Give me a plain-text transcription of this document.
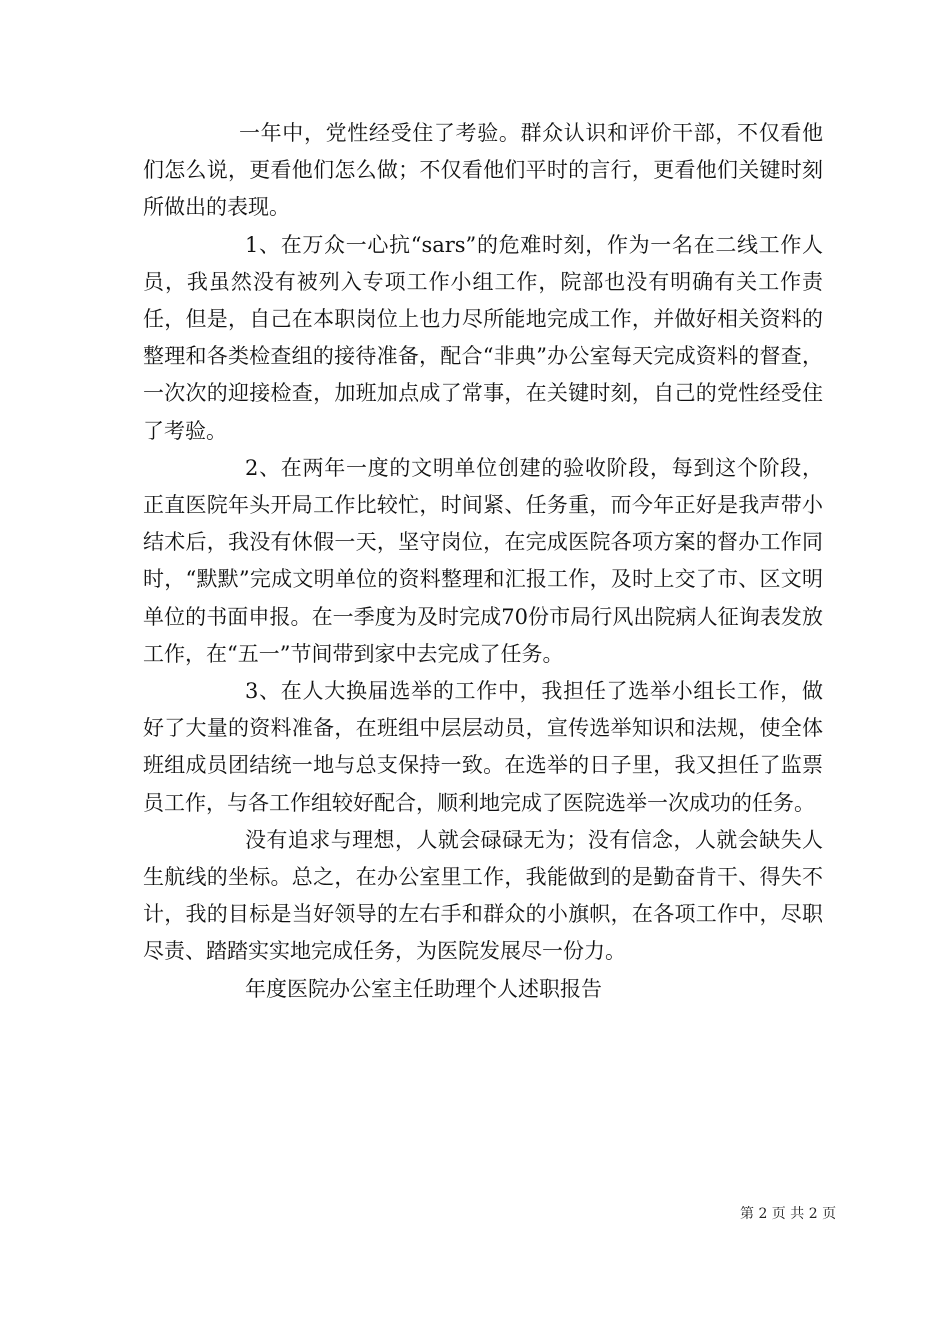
一年中，党性经受住了考验。群众认识和评价干部，不仅看他们怎么说，更看他们怎么做；不仅看他们平时的言行，更看他们关键时刻所做出的表现。

1、在万众一心抗“sars”的危难时刻，作为一名在二线工作人员，我虽然没有被列入专项工作小组工作，院部也没有明确有关工作责任，但是，自己在本职岗位上也力尽所能地完成工作，并做好相关资料的整理和各类检查组的接待准备，配合“非典”办公室每天完成资料的督查，一次次的迎接检查，加班加点成了常事，在关键时刻，自己的党性经受住了考验。

2、在两年一度的文明单位创建的验收阶段，每到这个阶段，正直医院年头开局工作比较忙，时间紧、任务重，而今年正好是我声带小结术后，我没有休假一天，坚守岗位，在完成医院各项方案的督办工作同时，“默默”完成文明单位的资料整理和汇报工作，及时上交了市、区文明单位的书面申报。在一季度为及时完成70份市局行风出院病人征询表发放工作，在“五一”节间带到家中去完成了任务。

3、在人大换届选举的工作中，我担任了选举小组长工作，做好了大量的资料准备，在班组中层层动员，宣传选举知识和法规，使全体班组成员团结统一地与总支保持一致。在选举的日子里，我又担任了监票员工作，与各工作组较好配合，顺利地完成了医院选举一次成功的任务。

没有追求与理想，人就会碌碌无为；没有信念，人就会缺失人生航线的坐标。总之，在办公室里工作，我能做到的是勤奋肯干、得失不计，我的目标是当好领导的左右手和群众的小旗帜，在各项工作中，尽职尽责、踏踏实实地完成任务，为医院发展尽一份力。

年度医院办公室主任助理个人述职报告

第 2 页 共 2 页
